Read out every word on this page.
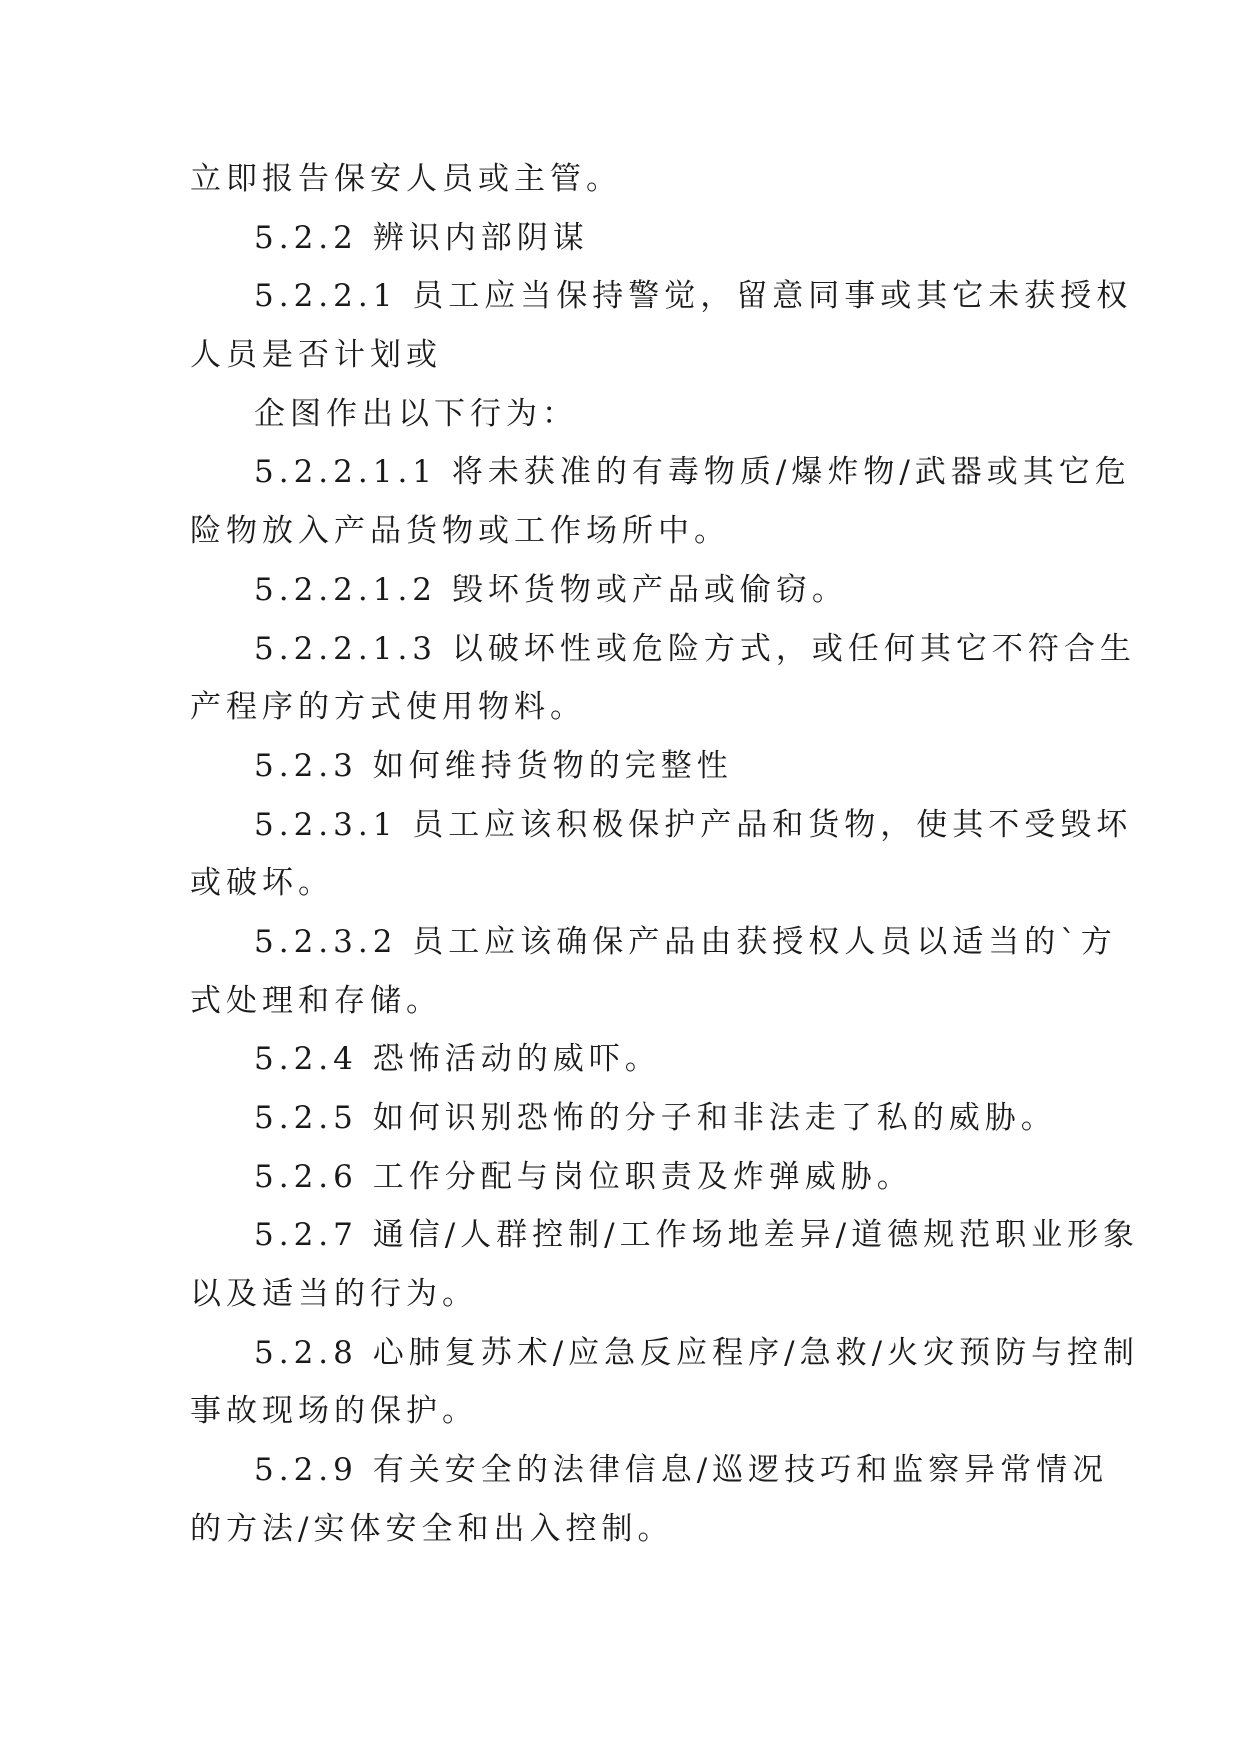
立即报告保安人员或主管。
5.2.2 辨识内部阴谋
5.2.2.1 员工应当保持警觉，留意同事或其它未获授权
人员是否计划或
企图作出以下行为：
5.2.2.1.1 将未获准的有毒物质/爆炸物/武器或其它危
险物放入产品货物或工作场所中。
5.2.2.1.2 毁坏货物或产品或偷窃。
5.2.2.1.3 以破坏性或危险方式，或任何其它不符合生
产程序的方式使用物料。
5.2.3 如何维持货物的完整性
5.2.3.1 员工应该积极保护产品和货物，使其不受毁坏
或破坏。
5.2.3.2 员工应该确保产品由获授权人员以适当的`方
式处理和存储。
5.2.4 恐怖活动的威吓。
5.2.5 如何识别恐怖的分子和非法走了私的威胁。
5.2.6 工作分配与岗位职责及炸弹威胁。
5.2.7 通信/人群控制/工作场地差异/道德规范职业形象
以及适当的行为。
5.2.8 心肺复苏术/应急反应程序/急救/火灾预防与控制
事故现场的保护。
5.2.9 有关安全的法律信息/巡逻技巧和监察异常情况
的方法/实体安全和出入控制。
